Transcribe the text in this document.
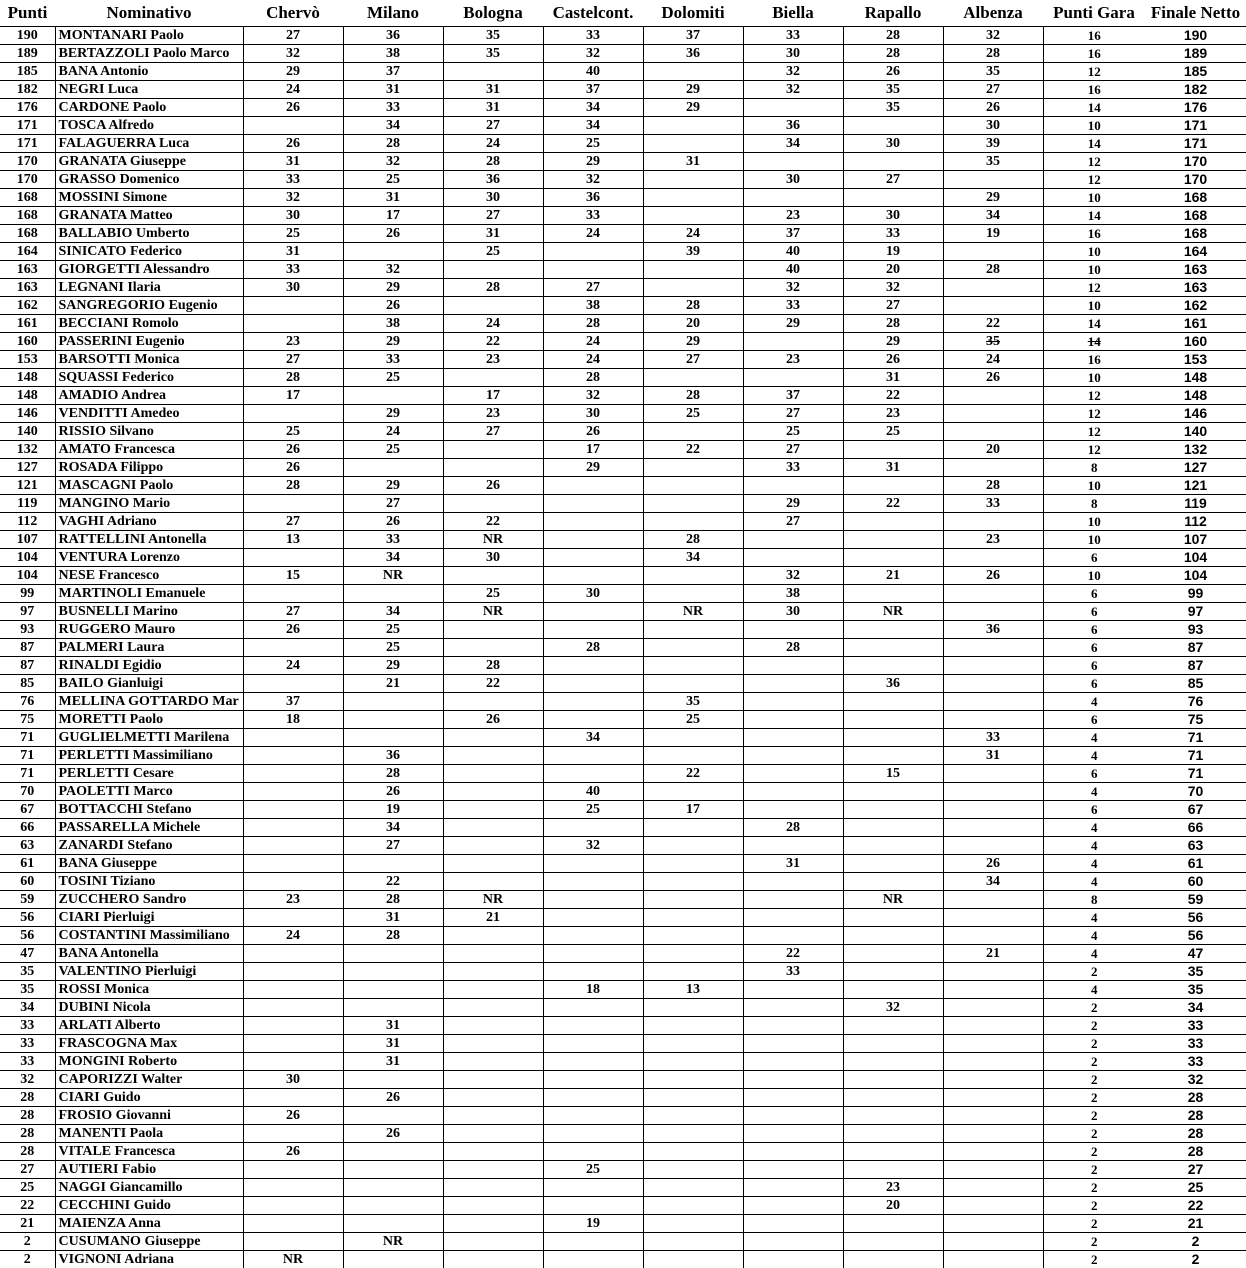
Punti	Nominativo	Chervò	Milano	Bologna	Castelcont.	Dolomiti	Biella	Rapallo	Albenza	Punti Gara	Finale Netto
190	MONTANARI Paolo	27	36	35	33	37	33	28	32	16	190
189	BERTAZZOLI Paolo Marco	32	38	35	32	36	30	28	28	16	189
185	BANA Antonio	29	37		40		32	26	35	12	185
182	NEGRI Luca	24	31	31	37	29	32	35	27	16	182
176	CARDONE Paolo	26	33	31	34	29		35	26	14	176
171	TOSCA Alfredo		34	27	34		36		30	10	171
171	FALAGUERRA Luca	26	28	24	25		34	30	39	14	171
170	GRANATA Giuseppe	31	32	28	29	31			35	12	170
170	GRASSO Domenico	33	25	36	32		30	27		12	170
168	MOSSINI Simone	32	31	30	36				29	10	168
168	GRANATA Matteo	30	17	27	33		23	30	34	14	168
168	BALLABIO Umberto	25	26	31	24	24	37	33	19	16	168
164	SINICATO Federico	31		25		39	40	19		10	164
163	GIORGETTI Alessandro	33	32				40	20	28	10	163
163	LEGNANI Ilaria	30	29	28	27		32	32		12	163
162	SANGREGORIO Eugenio		26		38	28	33	27		10	162
161	BECCIANI Romolo		38	24	28	20	29	28	22	14	161
160	PASSERINI Eugenio	23	29	22	24	29		29	35	14	160
153	BARSOTTI Monica	27	33	23	24	27	23	26	24	16	153
148	SQUASSI Federico	28	25		28			31	26	10	148
148	AMADIO Andrea	17		17	32	28	37	22		12	148
146	VENDITTI Amedeo		29	23	30	25	27	23		12	146
140	RISSIO Silvano	25	24	27	26		25	25		12	140
132	AMATO Francesca	26	25		17	22	27		20	12	132
127	ROSADA Filippo	26			29		33	31		8	127
121	MASCAGNI Paolo	28	29	26					28	10	121
119	MANGINO Mario		27				29	22	33	8	119
112	VAGHI Adriano	27	26	22			27			10	112
107	RATTELLINI Antonella	13	33	NR		28			23	10	107
104	VENTURA Lorenzo		34	30		34				6	104
104	NESE Francesco	15	NR				32	21	26	10	104
99	MARTINOLI Emanuele			25	30		38			6	99
97	BUSNELLI Marino	27	34	NR		NR	30	NR		6	97
93	RUGGERO Mauro	26	25						36	6	93
87	PALMERI Laura		25		28		28			6	87
87	RINALDI Egidio	24	29	28						6	87
85	BAILO Gianluigi		21	22				36		6	85
76	MELLINA GOTTARDO Mar	37				35				4	76
75	MORETTI Paolo	18		26		25				6	75
71	GUGLIELMETTI Marilena				34				33	4	71
71	PERLETTI Massimiliano		36						31	4	71
71	PERLETTI Cesare		28			22		15		6	71
70	PAOLETTI Marco		26		40					4	70
67	BOTTACCHI Stefano		19		25	17				6	67
66	PASSARELLA Michele		34				28			4	66
63	ZANARDI Stefano		27		32					4	63
61	BANA Giuseppe						31		26	4	61
60	TOSINI Tiziano		22						34	4	60
59	ZUCCHERO Sandro	23	28	NR				NR		8	59
56	CIARI Pierluigi		31	21						4	56
56	COSTANTINI Massimiliano	24	28							4	56
47	BANA Antonella						22		21	4	47
35	VALENTINO Pierluigi						33			2	35
35	ROSSI Monica				18	13				4	35
34	DUBINI Nicola							32		2	34
33	ARLATI Alberto		31							2	33
33	FRASCOGNA Max		31							2	33
33	MONGINI Roberto		31							2	33
32	CAPORIZZI Walter	30								2	32
28	CIARI Guido		26							2	28
28	FROSIO Giovanni	26								2	28
28	MANENTI Paola		26							2	28
28	VITALE Francesca	26								2	28
27	AUTIERI Fabio				25					2	27
25	NAGGI Giancamillo							23		2	25
22	CECCHINI Guido							20		2	22
21	MAIENZA Anna				19					2	21
2	CUSUMANO Giuseppe		NR							2	2
2	VIGNONI Adriana	NR								2	2
